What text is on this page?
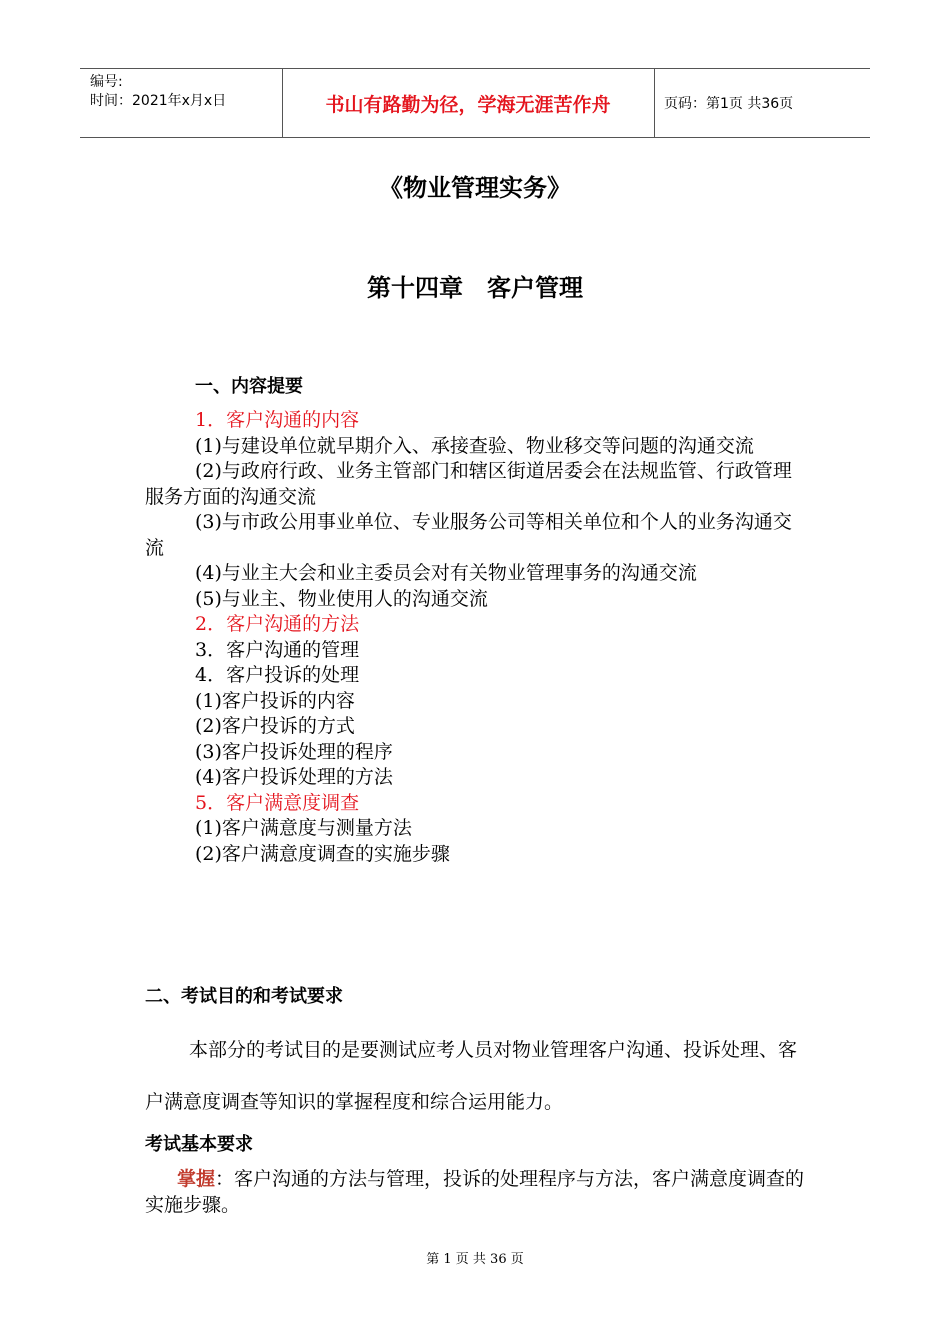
编号:
时间：2021年x月x日	书山有路勤为径，学海无涯苦作舟	页码：第1页 共36页
《物业管理实务》
第十四章　客户管理
一、内容提要

1．客户沟通的内容

(1)与建设单位就早期介入、承接查验、物业移交等问题的沟通交流

(2)与政府行政、业务主管部门和辖区街道居委会在法规监管、行政管理服务方面的沟通交流

(3)与市政公用事业单位、专业服务公司等相关单位和个人的业务沟通交流

(4)与业主大会和业主委员会对有关物业管理事务的沟通交流

(5)与业主、物业使用人的沟通交流

2．客户沟通的方法

3．客户沟通的管理

4．客户投诉的处理

(1)客户投诉的内容

(2)客户投诉的方式

(3)客户投诉处理的程序

(4)客户投诉处理的方法

5．客户满意度调查

(1)客户满意度与测量方法

(2)客户满意度调查的实施步骤

二、考试目的和考试要求
本部分的考试目的是要测试应考人员对物业管理客户沟通、投诉处理、客户满意度调查等知识的掌握程度和综合运用能力。
考试基本要求
掌握：客户沟通的方法与管理，投诉的处理程序与方法，客户满意度调查的实施步骤。
第 1 页 共 36 页
